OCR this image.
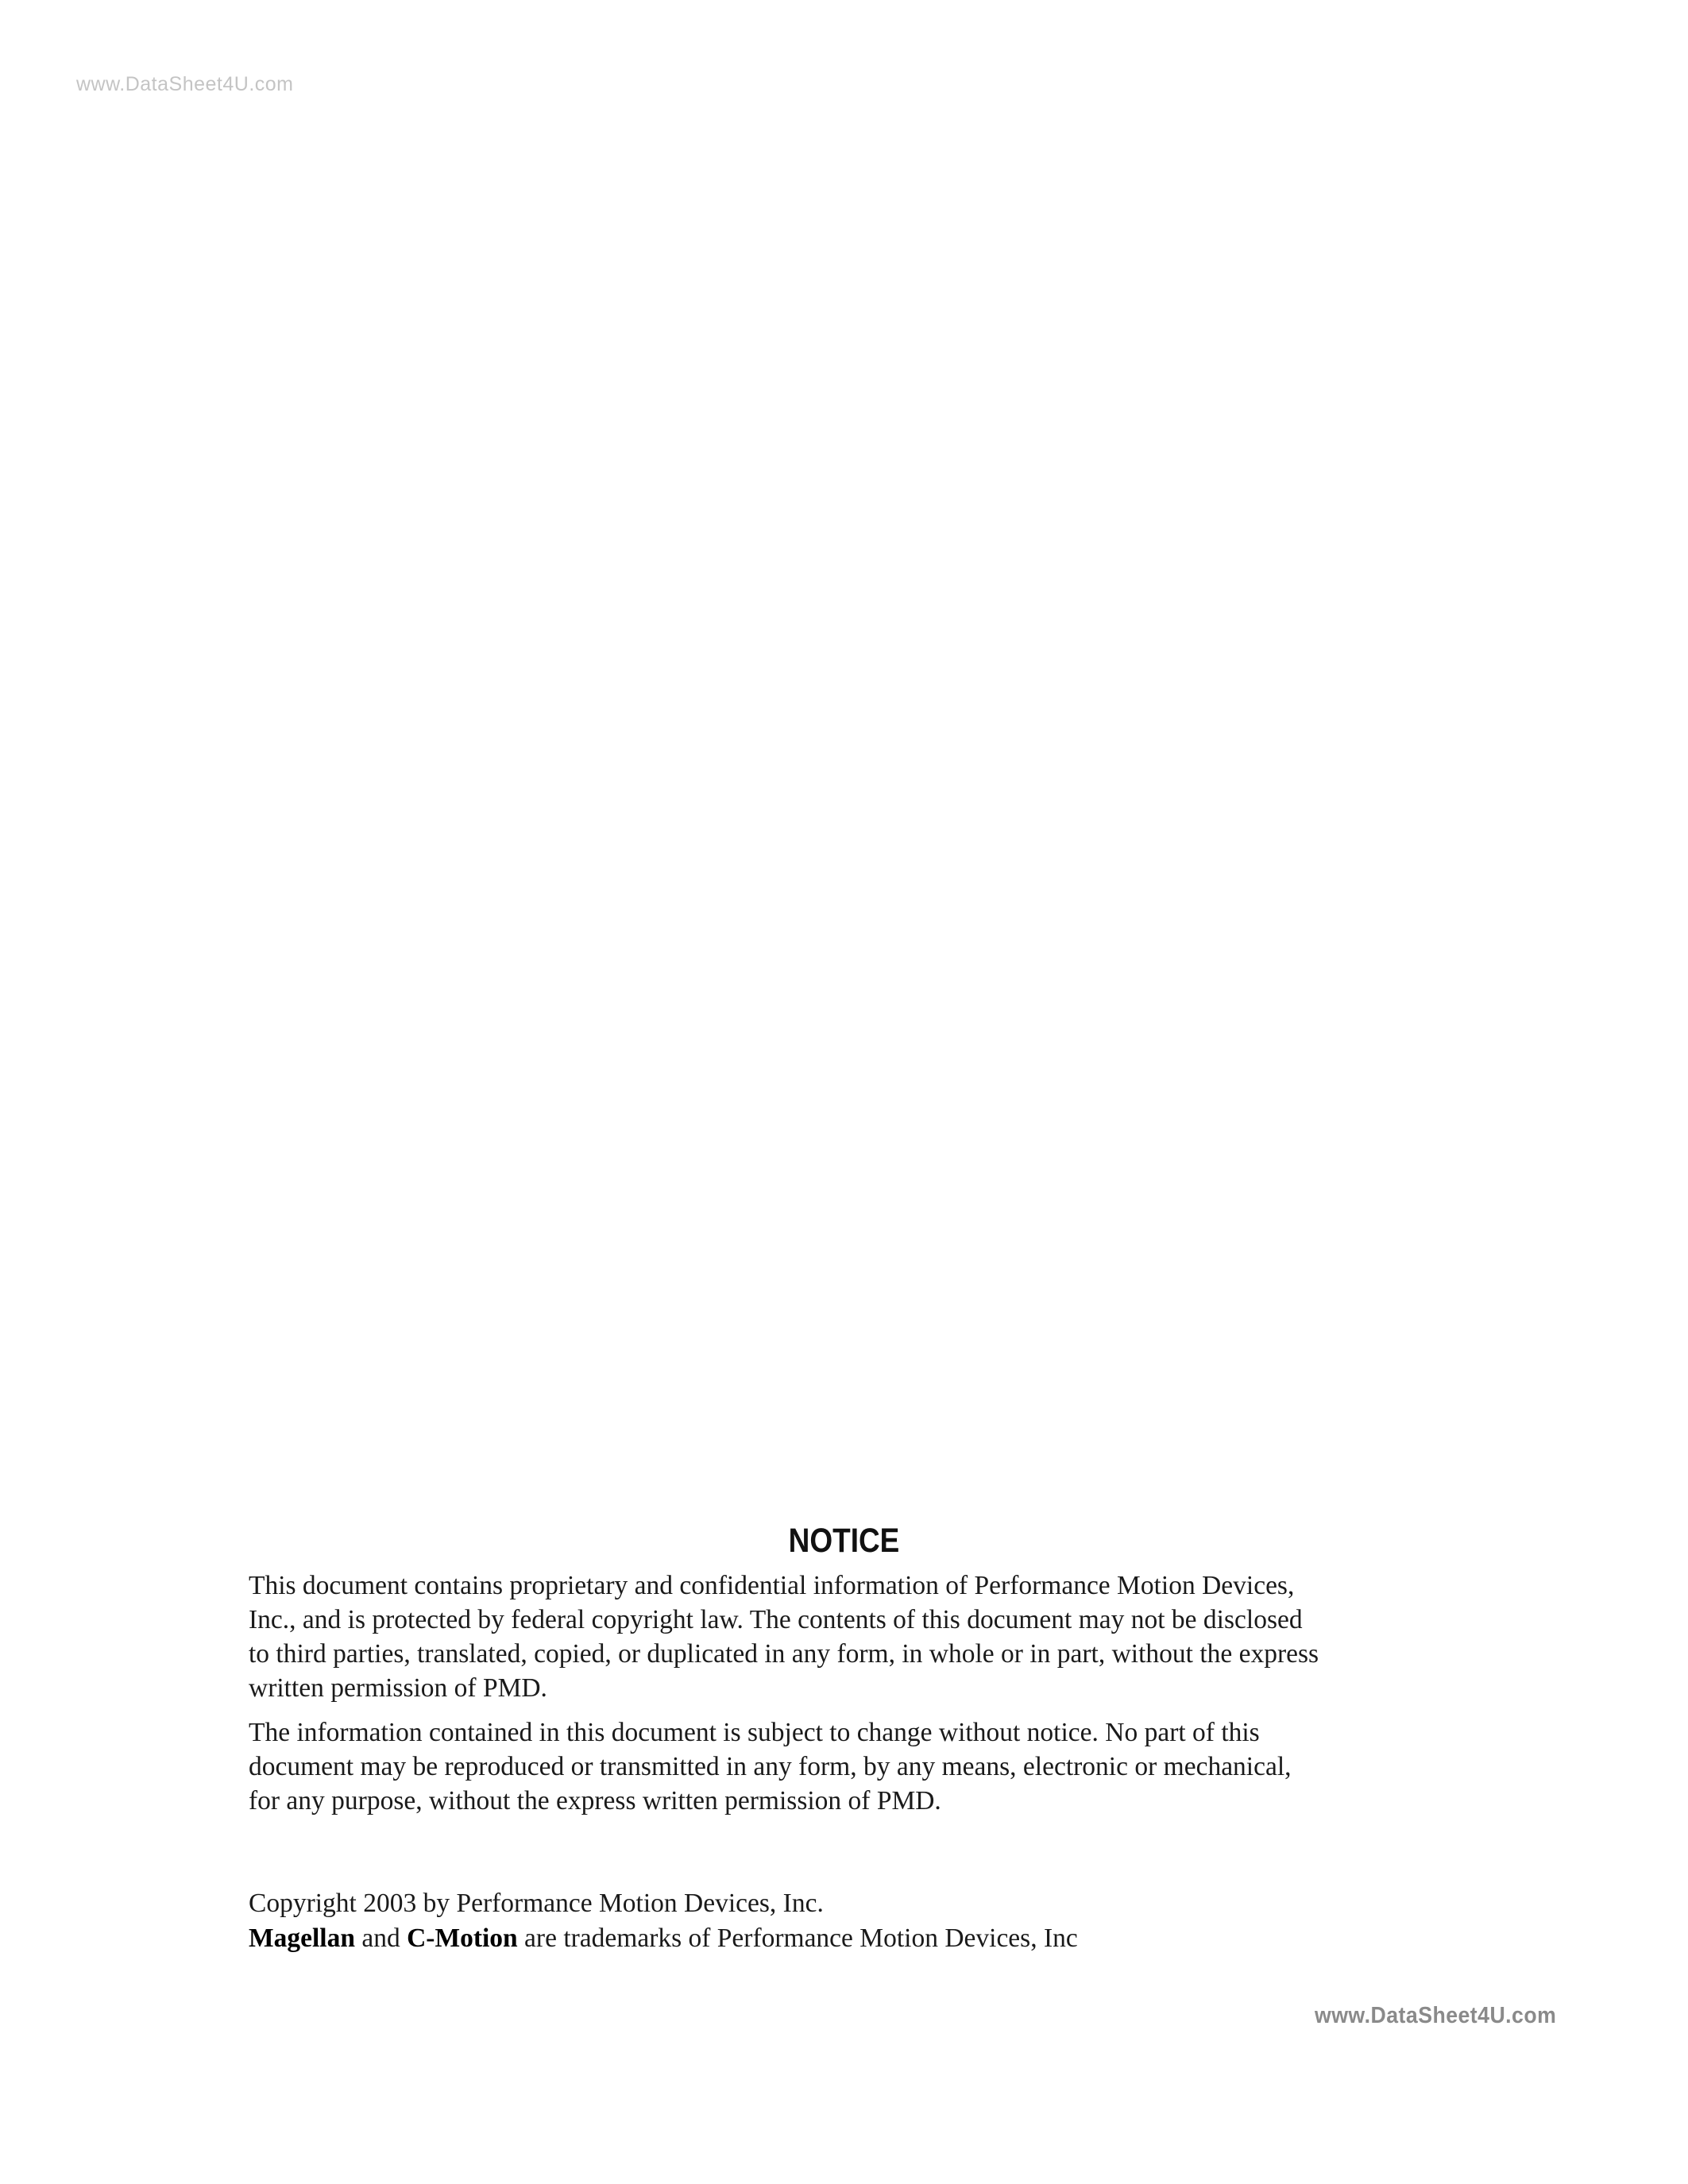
www.DataSheet4U.com
NOTICE
This document contains proprietary and confidential information of Performance Motion Devices,
Inc., and is protected by federal copyright law. The contents of this document may not be disclosed
to third parties, translated, copied, or duplicated in any form, in whole or in part, without the express
written permission of PMD.
The information contained in this document is subject to change without notice. No part of this
document may be reproduced or transmitted in any form, by any means, electronic or mechanical,
for any purpose, without the express written permission of PMD.
Copyright 2003 by Performance Motion Devices, Inc.
Magellan and C-Motion are trademarks of Performance Motion Devices, Inc
www.DataSheet4U.com
